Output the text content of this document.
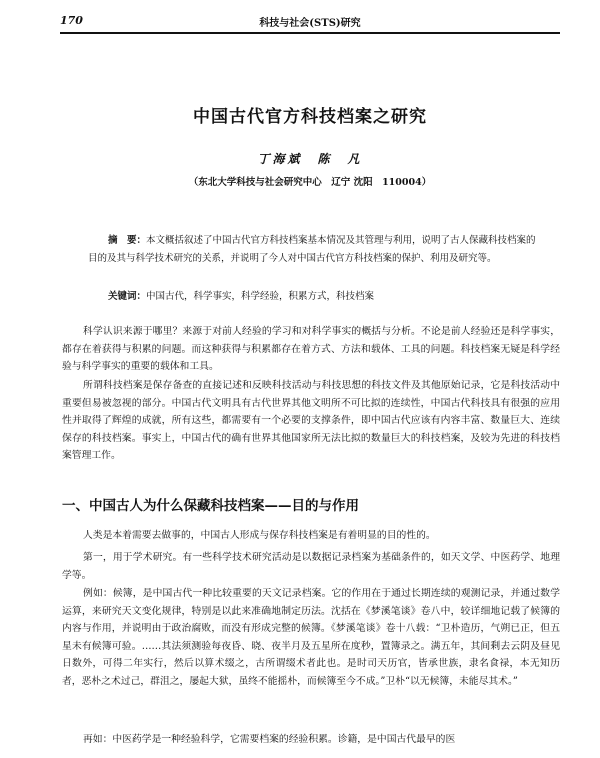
170	科技与社会(STS)研究
中国古代官方科技档案之研究
丁海斌　陈　凡
（东北大学科技与社会研究中心　辽宁 沈阳　110004）
摘　要：本文概括叙述了中国古代官方科技档案基本情况及其管理与利用，说明了古人保藏科技档案的目的及其与科学技术研究的关系，并说明了今人对中国古代官方科技档案的保护、利用及研究等。
关键词：中国古代，科学事实，科学经验，积累方式，科技档案
科学认识来源于哪里？来源于对前人经验的学习和对科学事实的概括与分析。不论是前人经验还是科学事实，都存在着获得与积累的问题。而这种获得与积累都存在着方式、方法和载体、工具的问题。科技档案无疑是科学经验与科学事实的重要的载体和工具。
所谓科技档案是保存备查的直接记述和反映科技活动与科技思想的科技文件及其他原始记录，它是科技活动中重要但易被忽视的部分。中国古代文明具有古代世界其他文明所不可比拟的连续性，中国古代科技具有很强的应用性并取得了辉煌的成就，所有这些，都需要有一个必要的支撑条件，即中国古代应该有内容丰富、数量巨大、连续保存的科技档案。事实上，中国古代的确有世界其他国家所无法比拟的数量巨大的科技档案，及较为先进的科技档案管理工作。
一、中国古人为什么保藏科技档案——目的与作用
人类是本着需要去做事的，中国古人形成与保存科技档案是有着明显的目的性的。
第一，用于学术研究。有一些科学技术研究活动是以数据记录档案为基础条件的，如天文学、中医药学、地理学等。
例如：候簿，是中国古代一种比较重要的天文记录档案。它的作用在于通过长期连续的观测记录，并通过数学运算，来研究天文变化规律，特别是以此来准确地制定历法。沈括在《梦溪笔谈》卷八中，较详细地记载了候簿的内容与作用，并说明由于政治腐败，而没有形成完整的候簿。《梦溪笔谈》卷十八载：“卫朴造历，气朔已正，但五星未有候簿可验。……其法须测验每夜昏、晓、夜半月及五星所在度秒，置簿录之。满五年，其间剩去云阴及昼见日数外，可得二年实行，然后以算术缀之，古所谓缀术者此也。是时司天历官，皆承世族，隶名食禄，本无知历者，恶朴之术过己，群沮之，屡起大狱，虽终不能摇朴，而候簿至今不成。”卫朴“以无候簿，未能尽其术。”
再如：中医药学是一种经验科学，它需要档案的经验积累。诊籍，是中国古代最早的医
